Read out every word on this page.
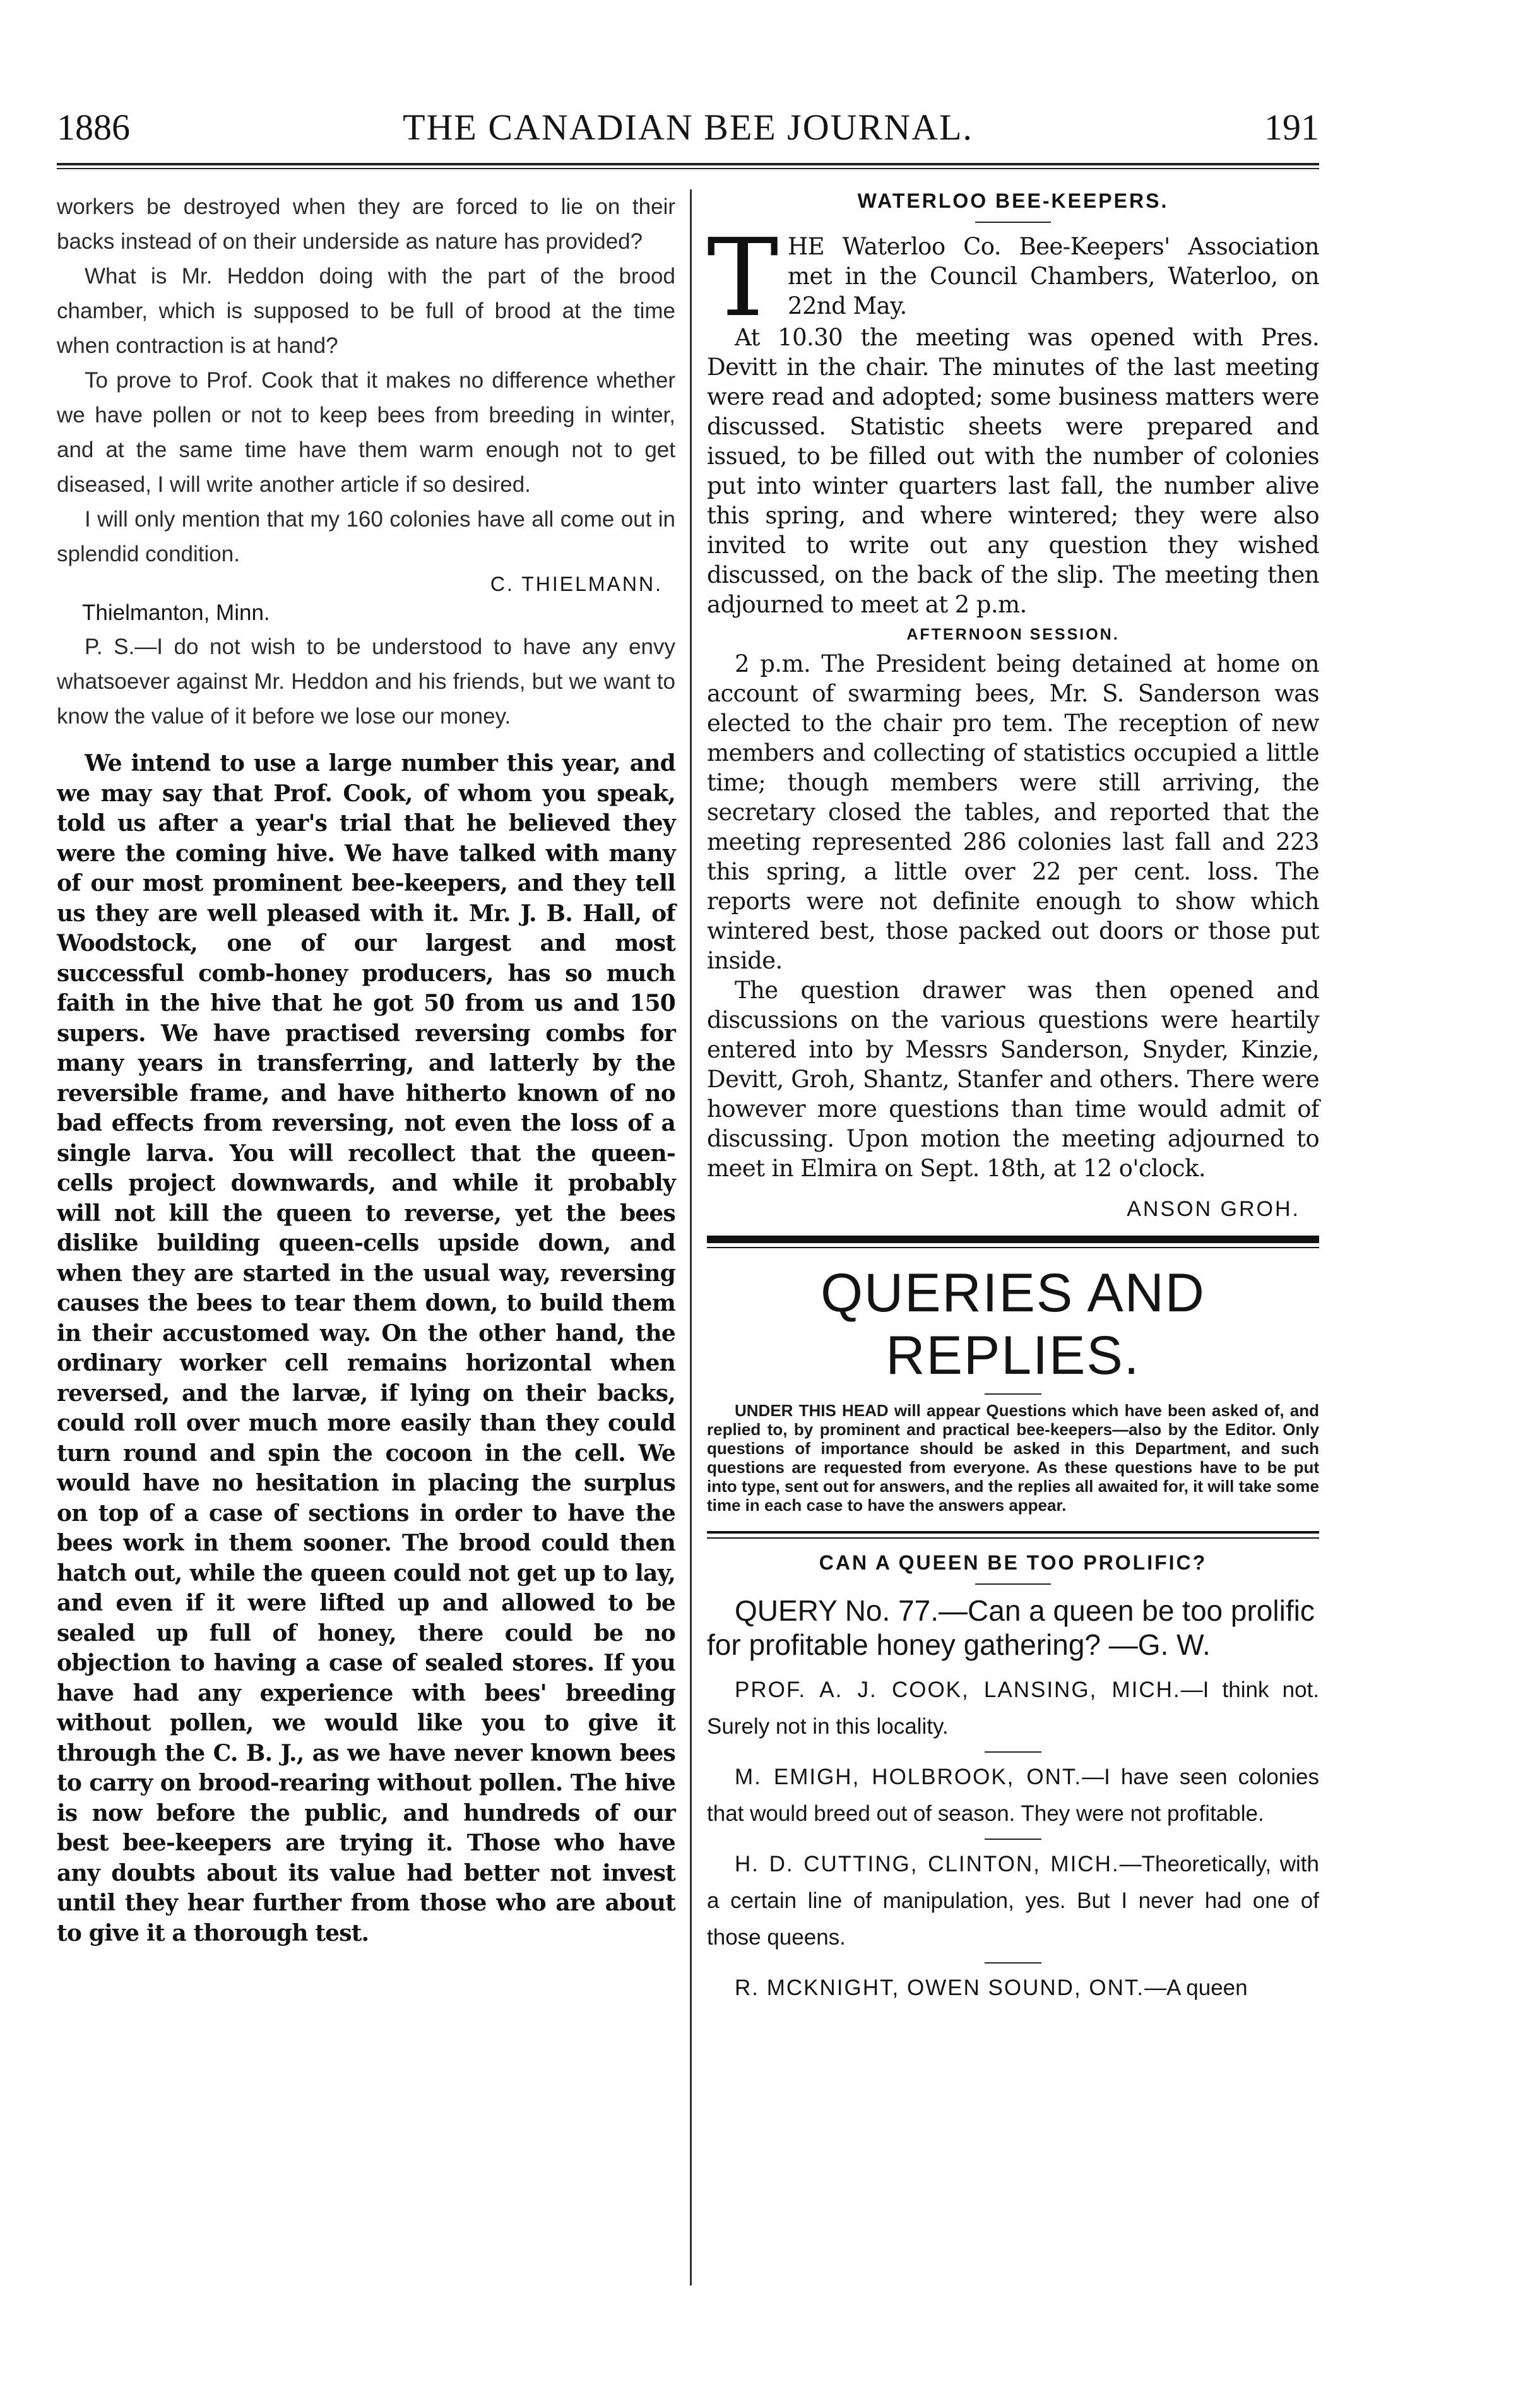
1886	THE CANADIAN BEE JOURNAL.	191

workers be destroyed when they are forced to lie on their backs instead of on their underside as nature has provided?

What is Mr. Heddon doing with the part of the brood chamber, which is supposed to be full of brood at the time when contraction is at hand?

To prove to Prof. Cook that it makes no difference whether we have pollen or not to keep bees from breeding in winter, and at the same time have them warm enough not to get diseased, I will write another article if so desired.

I will only mention that my 160 colonies have all come out in splendid condition.

C. THIELMANN.
Thielmanton, Minn.

P. S.—I do not wish to be understood to have any envy whatsoever against Mr. Heddon and his friends, but we want to know the value of it before we lose our money.

We intend to use a large number this year, and we may say that Prof. Cook, of whom you speak, told us after a year's trial that he believed they were the coming hive. We have talked with many of our most prominent bee-keepers, and they tell us they are well pleased with it. Mr. J. B. Hall, of Woodstock, one of our largest and most successful comb-honey producers, has so much faith in the hive that he got 50 from us and 150 supers. We have practised reversing combs for many years in transferring, and latterly by the reversible frame, and have hitherto known of no bad effects from reversing, not even the loss of a single larva. You will recollect that the queen-cells project downwards, and while it probably will not kill the queen to reverse, yet the bees dislike building queen-cells upside down, and when they are started in the usual way, reversing causes the bees to tear them down, to build them in their accustomed way. On the other hand, the ordinary worker cell remains horizontal when reversed, and the larvæ, if lying on their backs, could roll over much more easily than they could turn round and spin the cocoon in the cell. We would have no hesitation in placing the surplus on top of a case of sections in order to have the bees work in them sooner. The brood could then hatch out, while the queen could not get up to lay, and even if it were lifted up and allowed to be sealed up full of honey, there could be no objection to having a case of sealed stores. If you have had any experience with bees' breeding without pollen, we would like you to give it through the C. B. J., as we have never known bees to carry on brood-rearing without pollen. The hive is now before the public, and hundreds of our best bee-keepers are trying it. Those who have any doubts about its value had better not invest until they hear further from those who are about to give it a thorough test.

WATERLOO BEE-KEEPERS.
T HE Waterloo Co. Bee-Keepers' Association met in the Council Chambers, Waterloo, on 22nd May.

At 10.30 the meeting was opened with Pres. Devitt in the chair. The minutes of the last meeting were read and adopted; some business matters were discussed. Statistic sheets were prepared and issued, to be filled out with the number of colonies put into winter quarters last fall, the number alive this spring, and where wintered; they were also invited to write out any question they wished discussed, on the back of the slip. The meeting then adjourned to meet at 2 p.m.

AFTERNOON SESSION.

2 p.m. The President being detained at home on account of swarming bees, Mr. S. Sanderson was elected to the chair pro tem. The reception of new members and collecting of statistics occupied a little time; though members were still arriving, the secretary closed the tables, and reported that the meeting represented 286 colonies last fall and 223 this spring, a little over 22 per cent. loss. The reports were not definite enough to show which wintered best, those packed out doors or those put inside.

The question drawer was then opened and discussions on the various questions were heartily entered into by Messrs Sanderson, Snyder, Kinzie, Devitt, Groh, Shantz, Stanfer and others. There were however more questions than time would admit of discussing. Upon motion the meeting adjourned to meet in Elmira on Sept. 18th, at 12 o'clock.

ANSON GROH.
QUERIES AND REPLIES.

UNDER THIS HEAD will appear Questions which have been asked of, and replied to, by prominent and practical bee-keepers—also by the Editor. Only questions of importance should be asked in this Department, and such questions are requested from everyone. As these questions have to be put into type, sent out for answers, and the replies all awaited for, it will take some time in each case to have the answers appear.

CAN A QUEEN BE TOO PROLIFIC?

QUERY No. 77.—Can a queen be too prolific for profitable honey gathering? —G. W.

PROF. A. J. COOK, LANSING, MICH.—I think not. Surely not in this locality.

M. EMIGH, HOLBROOK, ONT.—I have seen colonies that would breed out of season. They were not profitable.

H. D. CUTTING, CLINTON, MICH.—Theoretically, with a certain line of manipulation, yes. But I never had one of those queens.

R. MCKNIGHT, OWEN SOUND, ONT.—A queen
